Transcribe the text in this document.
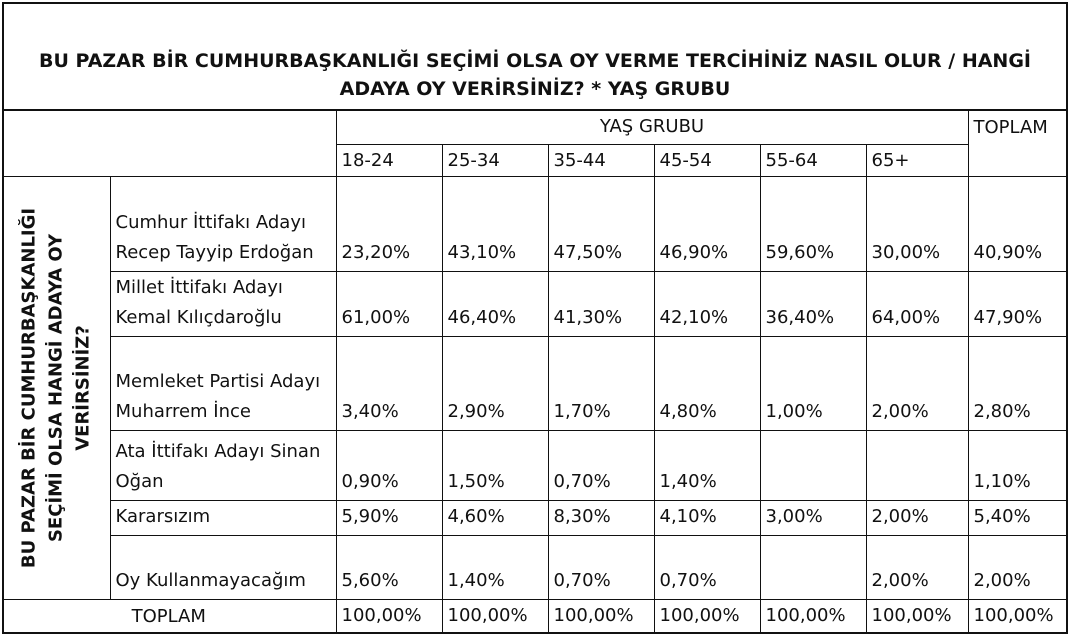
BU PAZAR BİR CUMHURBAŞKANLIĞI SEÇİMİ OLSA OY VERME TERCİHİNİZ NASIL OLUR / HANGİ
ADAYA OY VERİRSİNİZ? * YAŞ GRUBU
		YAŞ GRUBU						TOPLAM
		18-24	25-34	35-44	45-54	55-64	65+	

BU PAZAR BİR CUMHURBAŞKANLIĞI SEÇİMİ OLSA HANGİ ADAYA OY VERİRSİNİZ?	Cumhur İttifakı Adayı Recep Tayyip Erdoğan	23,20%	43,10%	47,50%	46,90%	59,60%	30,00%	40,90%
	Millet İttifakı Adayı Kemal Kılıçdaroğlu	61,00%	46,40%	41,30%	42,10%	36,40%	64,00%	47,90%
	Memleket Partisi Adayı Muharrem İnce	3,40%	2,90%	1,70%	4,80%	1,00%	2,00%	2,80%
	Ata İttifakı Adayı Sinan Oğan	0,90%	1,50%	0,70%	1,40%			1,10%
	Kararsızım	5,90%	4,60%	8,30%	4,10%	3,00%	2,00%	5,40%
	Oy Kullanmayacağım	5,60%	1,40%	0,70%	0,70%		2,00%	2,00%
TOPLAM		100,00%	100,00%	100,00%	100,00%	100,00%	100,00%	100,00%
